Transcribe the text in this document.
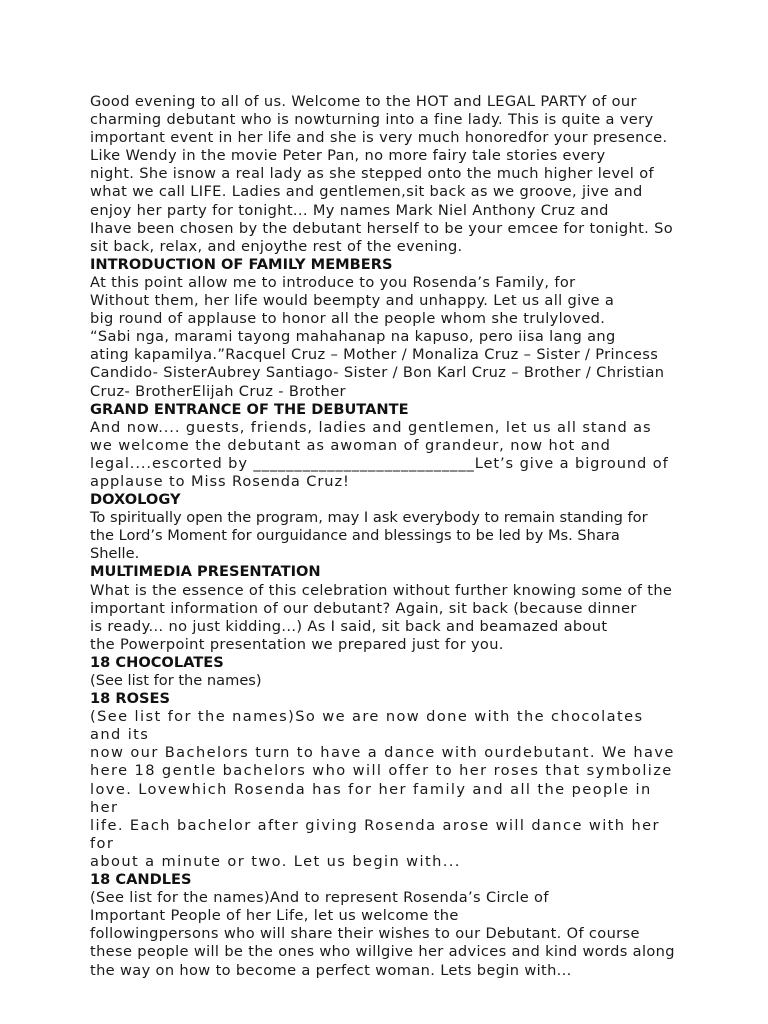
Good evening to all of us. Welcome to the HOT and LEGAL PARTY of our
charming debutant who is nowturning into a fine lady. This is quite a very
important event in her life and she is very much honoredfor your presence.
Like Wendy in the movie Peter Pan, no more fairy tale stories every
night. She isnow a real lady as she stepped onto the much higher level of
what we call LIFE. Ladies and gentlemen,sit back as we groove, jive and
enjoy her party for tonight... My names Mark Niel Anthony Cruz and
Ihave been chosen by the debutant herself to be your emcee for tonight. So
sit back, relax, and enjoythe rest of the evening.

INTRODUCTION OF FAMILY MEMBERS

At this point allow me to introduce to you Rosenda’s Family, for
Without them, her life would beempty and unhappy. Let us all give a
big round of applause to honor all the people whom she trulyloved.
“Sabi nga, marami tayong mahahanap na kapuso, pero iisa lang ang
ating kapamilya.”Racquel Cruz – Mother / Monaliza Cruz – Sister / Princess
Candido- SisterAubrey Santiago- Sister / Bon Karl Cruz – Brother / Christian
Cruz- BrotherElijah Cruz - Brother

GRAND ENTRANCE OF THE DEBUTANTE

And now.... guests, friends, ladies and gentlemen, let us all stand as
we welcome the debutant as awoman of grandeur, now hot and
legal....escorted by ___________________________Let’s give a biground of
applause to Miss Rosenda Cruz!

DOXOLOGY

To spiritually open the program, may I ask everybody to remain standing for
the Lord’s Moment for ourguidance and blessings to be led by Ms. Shara
Shelle.

MULTIMEDIA PRESENTATION

What is the essence of this celebration without further knowing some of the
important information of our debutant? Again, sit back (because dinner
is ready... no just kidding...) As I said, sit back and beamazed about
the Powerpoint presentation we prepared just for you.

18 CHOCOLATES

(See list for the names)

18 ROSES

(See list for the names)So we are now done with the chocolates and its
now our Bachelors turn to have a dance with ourdebutant. We have
here 18 gentle bachelors who will offer to her roses that symbolize
love. Lovewhich Rosenda has for her family and all the people in her
life. Each bachelor after giving Rosenda arose will dance with her for
about a minute or two. Let us begin with...

18 CANDLES

(See list for the names)And to represent Rosenda’s Circle of
Important People of her Life, let us welcome the
followingpersons who will share their wishes to our Debutant. Of course
these people will be the ones who willgive her advices and kind words along
the way on how to become a perfect woman. Lets begin with...
